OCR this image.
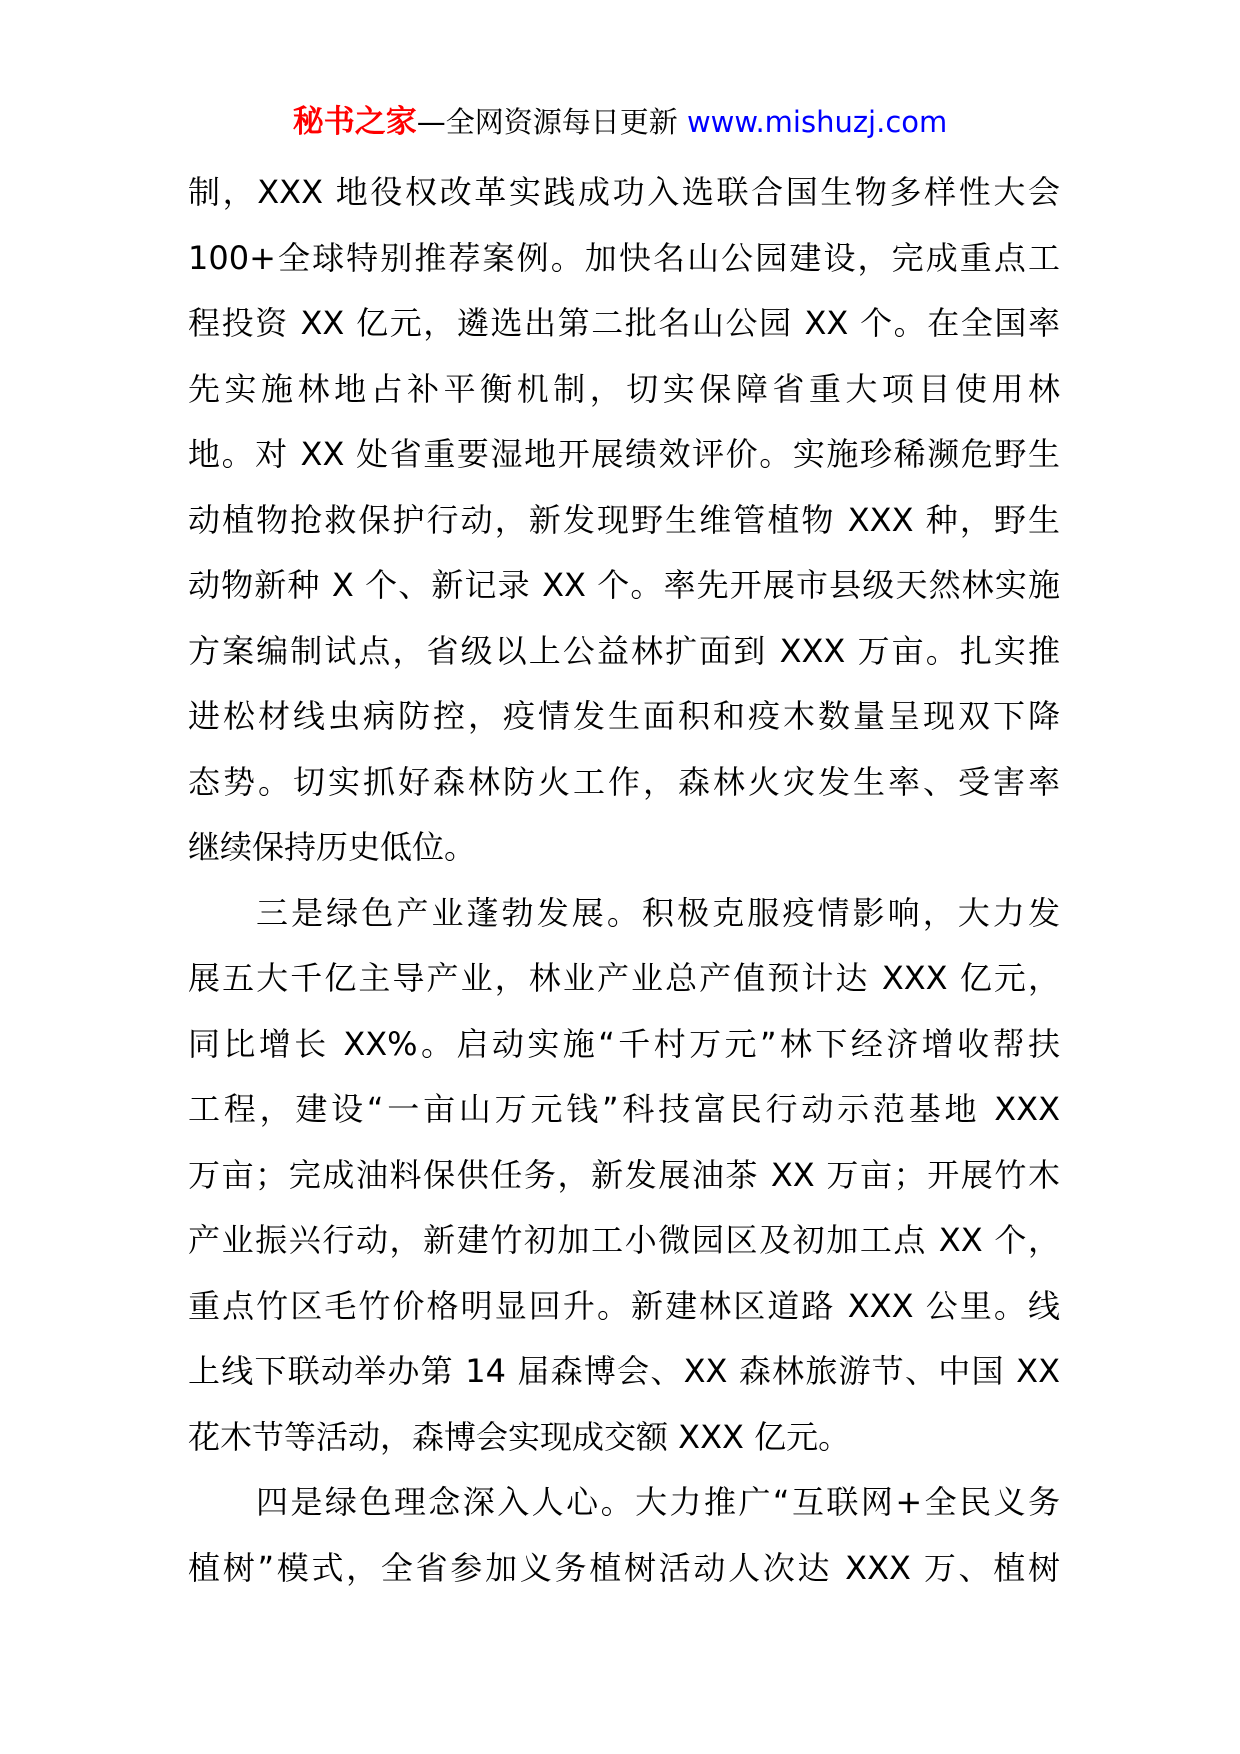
秘书之家—全网资源每日更新 www.mishuzj.com
制，XXX 地役权改革实践成功入选联合国生物多样性大会
100+全球特别推荐案例。加快名山公园建设，完成重点工
程投资 XX 亿元，遴选出第二批名山公园 XX 个。在全国率
先实施林地占补平衡机制，切实保障省重大项目使用林
地。对 XX 处省重要湿地开展绩效评价。实施珍稀濒危野生
动植物抢救保护行动，新发现野生维管植物 XXX 种，野生
动物新种 X 个、新记录 XX 个。率先开展市县级天然林实施
方案编制试点，省级以上公益林扩面到 XXX 万亩。扎实推
进松材线虫病防控，疫情发生面积和疫木数量呈现双下降
态势。切实抓好森林防火工作，森林火灾发生率、受害率
继续保持历史低位。
三是绿色产业蓬勃发展。积极克服疫情影响，大力发
展五大千亿主导产业，林业产业总产值预计达 XXX 亿元，
同比增长 XX%。启动实施“千村万元”林下经济增收帮扶
工程，建设“一亩山万元钱”科技富民行动示范基地 XXX
万亩；完成油料保供任务，新发展油茶 XX 万亩；开展竹木
产业振兴行动，新建竹初加工小微园区及初加工点 XX 个，
重点竹区毛竹价格明显回升。新建林区道路 XXX 公里。线
上线下联动举办第 14 届森博会、XX 森林旅游节、中国 XX
花木节等活动，森博会实现成交额 XXX 亿元。
四是绿色理念深入人心。大力推广“互联网+全民义务
植树”模式，全省参加义务植树活动人次达 XXX 万、植树
